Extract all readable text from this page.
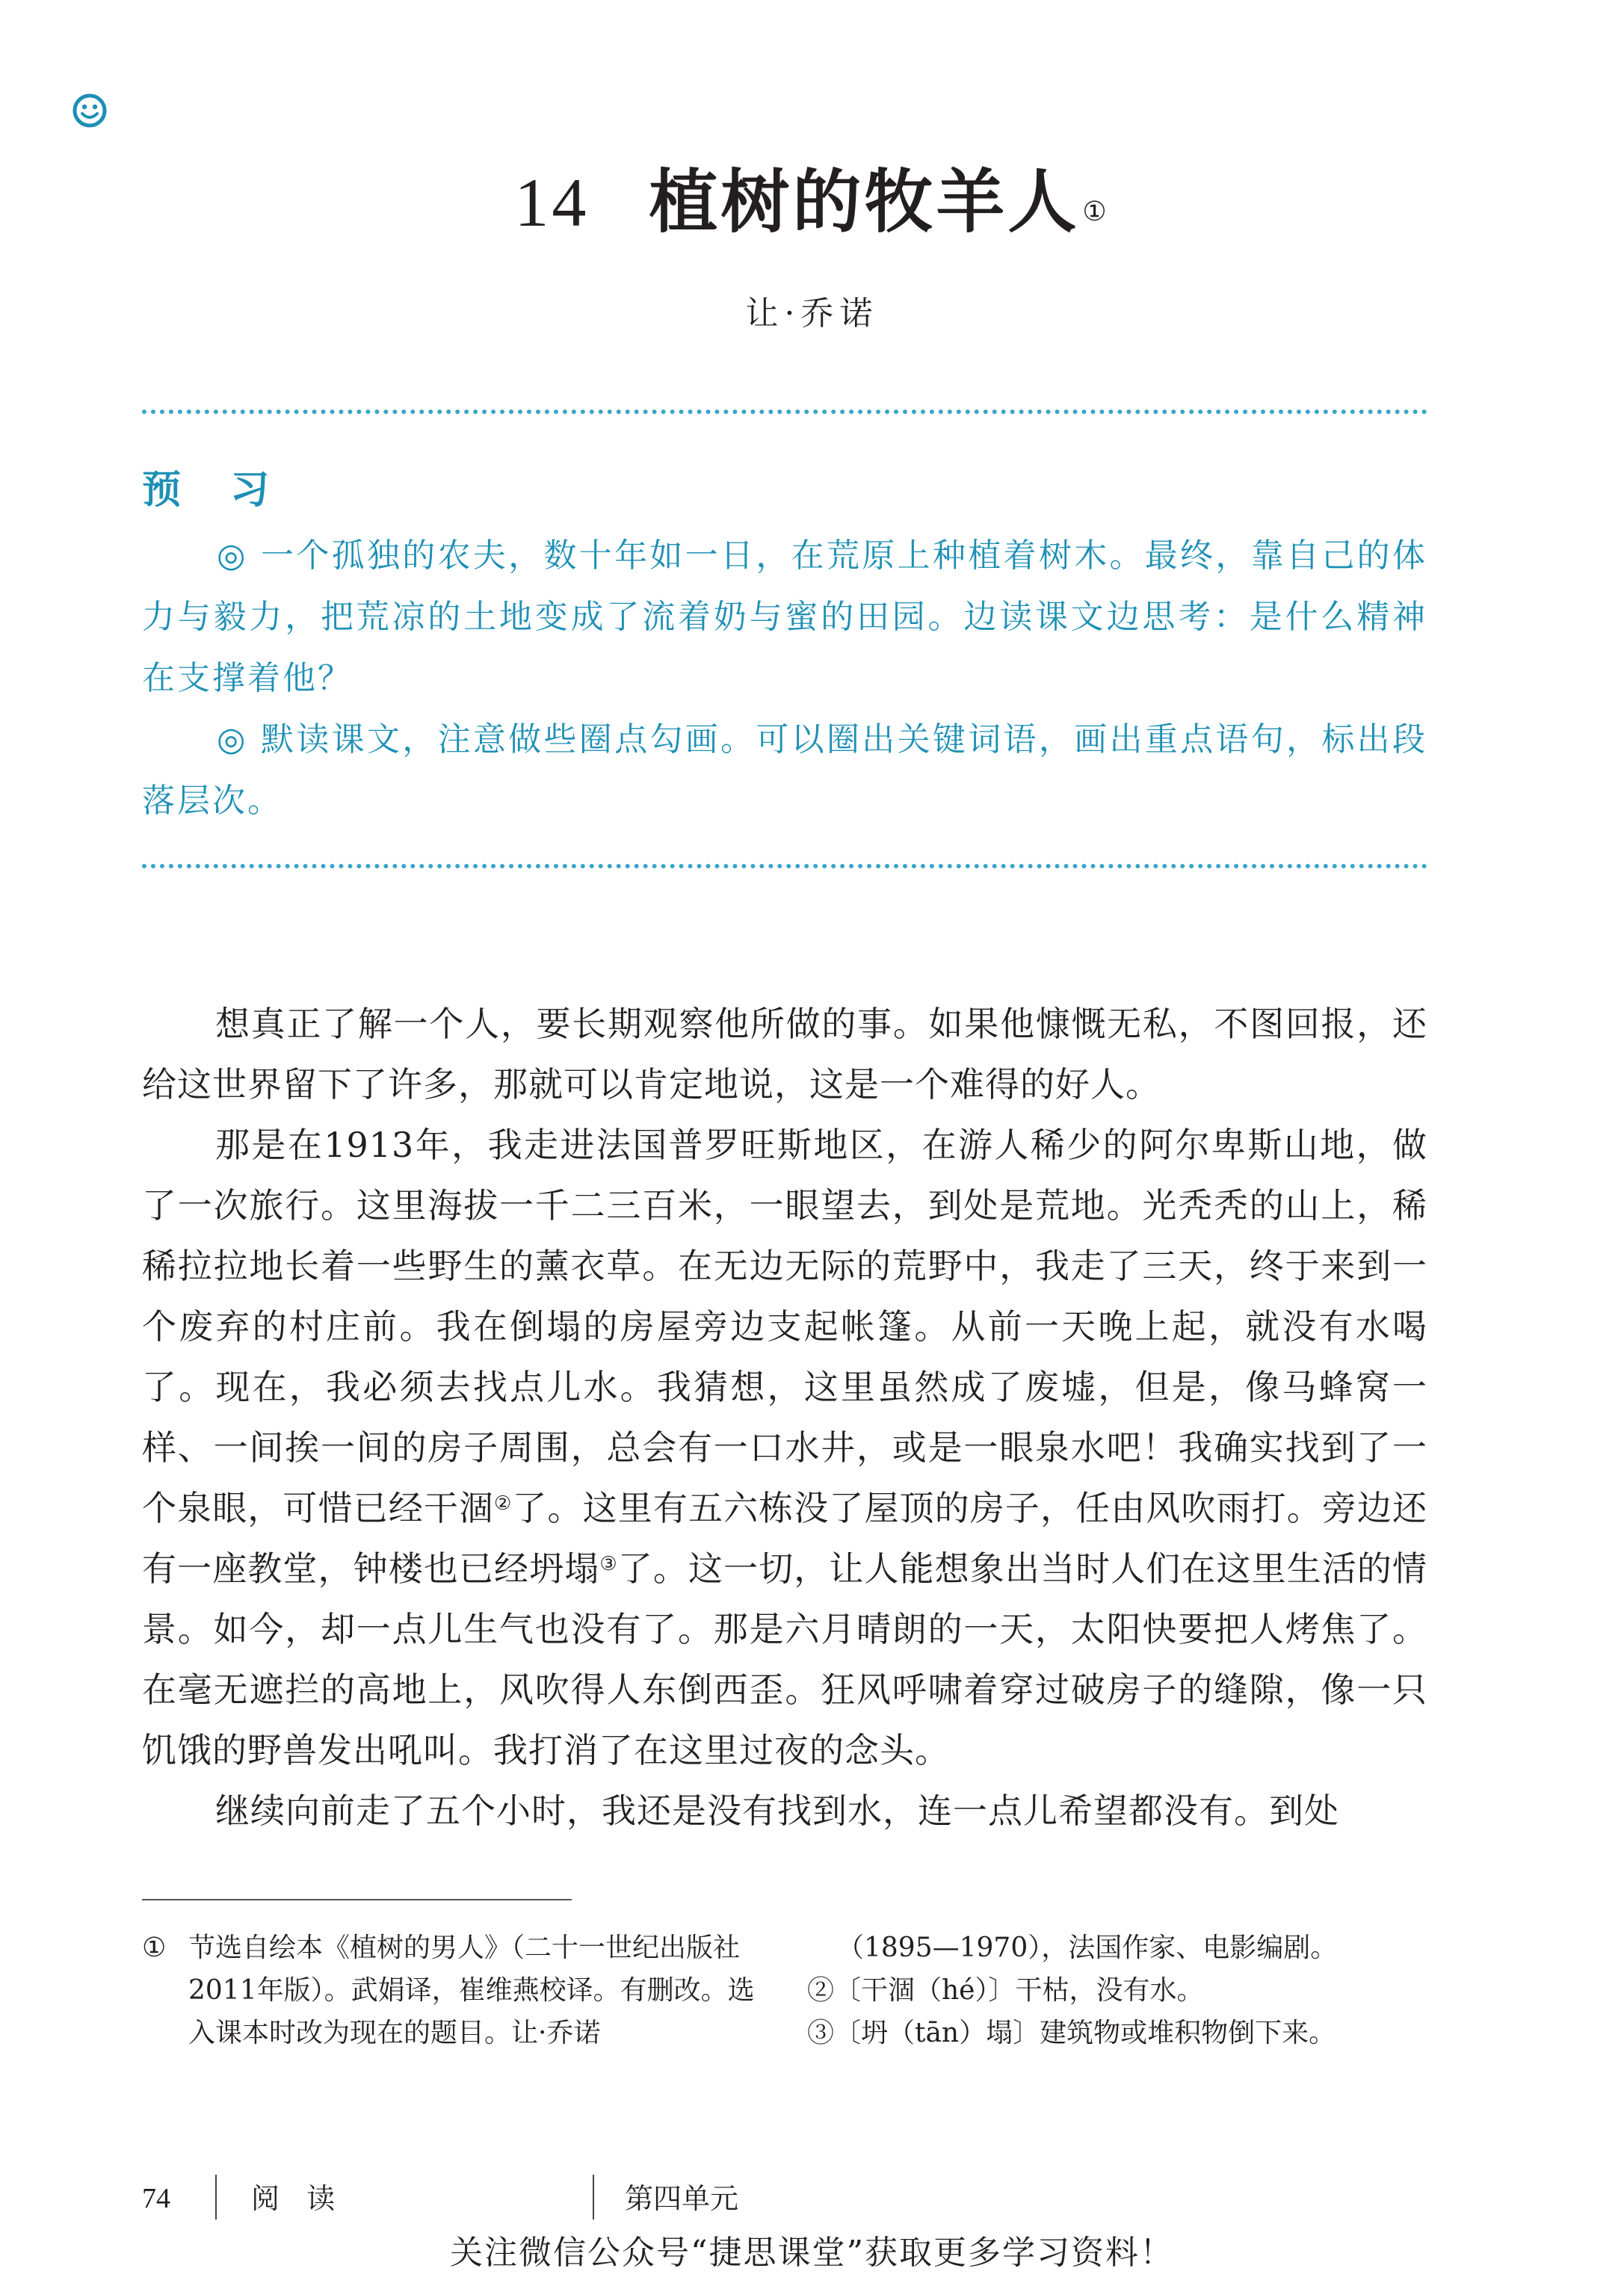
14 植树的牧羊人 ①
让·乔诺
预 习

◎ 一个孤独的农夫，数十年如一日，在荒原上种植着树木。最终，靠自己的体力与毅力，把荒凉的土地变成了流着奶与蜜的田园。边读课文边思考：是什么精神在支撑着他？

◎ 默读课文，注意做些圈点勾画。可以圈出关键词语，画出重点语句，标出段落层次。

想真正了解一个人，要长期观察他所做的事。如果他慷慨无私，不图回报，还给这世界留下了许多，那就可以肯定地说，这是一个难得的好人。

那是在1913年，我走进法国普罗旺斯地区，在游人稀少的阿尔卑斯山地，做了一次旅行。这里海拔一千二三百米，一眼望去，到处是荒地。光秃秃的山上，稀稀拉拉地长着一些野生的薰衣草。在无边无际的荒野中，我走了三天，终于来到一个废弃的村庄前。我在倒塌的房屋旁边支起帐篷。从前一天晚上起，就没有水喝了。现在，我必须去找点儿水。我猜想，这里虽然成了废墟，但是，像马蜂窝一样、一间挨一间的房子周围，总会有一口水井，或是一眼泉水吧！我确实找到了一个泉眼，可惜已经干涸②了。这里有五六栋没了屋顶的房子，任由风吹雨打。旁边还有一座教堂，钟楼也已经坍塌③了。这一切，让人能想象出当时人们在这里生活的情景。如今，却一点儿生气也没有了。那是六月晴朗的一天，太阳快要把人烤焦了。在毫无遮拦的高地上，风吹得人东倒西歪。狂风呼啸着穿过破房子的缝隙，像一只饥饿的野兽发出吼叫。我打消了在这里过夜的念头。

继续向前走了五个小时，我还是没有找到水，连一点儿希望都没有。到处

① 节选自绘本《植树的男人》（二十一世纪出版社2011年版）。武娟译，崔维燕校译。有删改。选入课本时改为现在的题目。让·乔诺
（1895—1970），法国作家、电影编剧。
②〔干涸（hé）〕干枯，没有水。
③〔坍（tān）塌〕建筑物或堆积物倒下来。
74	阅 读	第四单元
关注微信公众号“捷思课堂”获取更多学习资料！
